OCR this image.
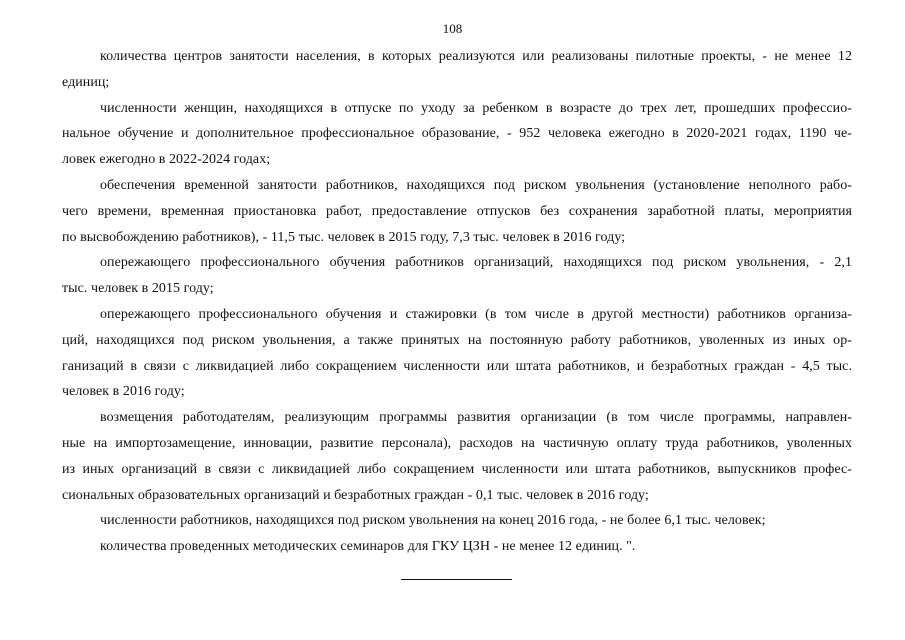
108

количества центров занятости населения, в которых реализуются или реализованы пилотные проекты, - не менее 12
единиц;

численности женщин, находящихся в отпуске по уходу за ребенком в возрасте до трех лет, прошедших профессио-
нальное обучение и дополнительное профессиональное образование, - 952 человека ежегодно в 2020-2021 годах, 1190 че-
ловек ежегодно в 2022-2024 годах;

обеспечения временной занятости работников, находящихся под риском увольнения (установление неполного рабо-
чего времени, временная приостановка работ, предоставление отпусков без сохранения заработной платы, мероприятия
по высвобождению работников), - 11,5 тыс. человек в 2015 году, 7,3 тыс. человек в 2016 году;

опережающего профессионального обучения работников организаций, находящихся под риском увольнения, - 2,1
тыс. человек в 2015 году;

опережающего профессионального обучения и стажировки (в том числе в другой местности) работников организа-
ций, находящихся под риском увольнения, а также принятых на постоянную работу работников, уволенных из иных ор-
ганизаций в связи с ликвидацией либо сокращением численности или штата работников, и безработных граждан - 4,5 тыс.
человек в 2016 году;

возмещения работодателям, реализующим программы развития организации (в том числе программы, направлен-
ные на импортозамещение, инновации, развитие персонала), расходов на частичную оплату труда работников, уволенных
из иных организаций в связи с ликвидацией либо сокращением численности или штата работников, выпускников профес-
сиональных образовательных организаций и безработных граждан - 0,1 тыс. человек в 2016 году;

численности работников, находящихся под риском увольнения на конец 2016 года, - не более 6,1 тыс. человек;

количества проведенных методических семинаров для ГКУ ЦЗН - не менее 12 единиц. ".
